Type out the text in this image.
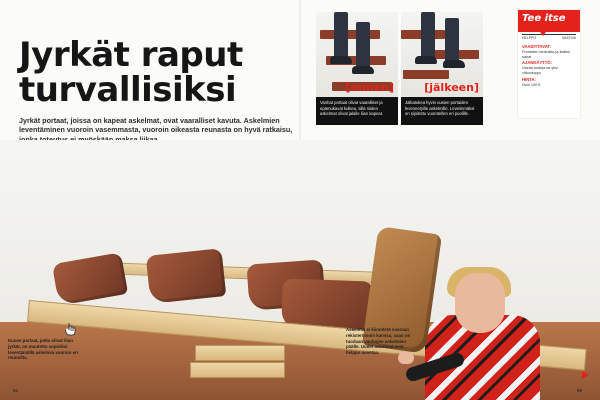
Jyrkät raput
turvallisiksi

Jyrkät portaat, joissa on kapeat askelmat, ovat vaaralliset kavuta. Askelmien leventäminen vuoroin vasemmasta, vuoroin oikeasta reunasta on hyvä ratkaisu,

Askelmia ei kiinnitetä suoraan rekisteröinnin kanssa, vaan ne tuodaan vanhojen askelmien päälle. Uudet askelmat ovat helppo asentaa.
[ennen]
Vanhat portaat olivat vaaralliset ja epämukavat kulkea, sillä niiden askelmat olivat jalalle liian kapeat.
[jälkeen]
Jalkatukea hyvin uusien portaiden levennetyille askelmille. Leveimmäksi on sijoitettu vuorotellen eri puolille.
Tee itse
HELPPO	VAATIVA
VAADITTAVAT:
Porrasten lankuista ja lisäksi sahat
AJANKÄYTTÖ:
Useita tunteja tai yksi viikonloppu
HINTA:
Noin 100 €
Kuvan portaat, jotka olivat liian jyrkät, on muutettu sopiviksi leventämällä askelmia vuoroin eri reunoilta.
94	95
